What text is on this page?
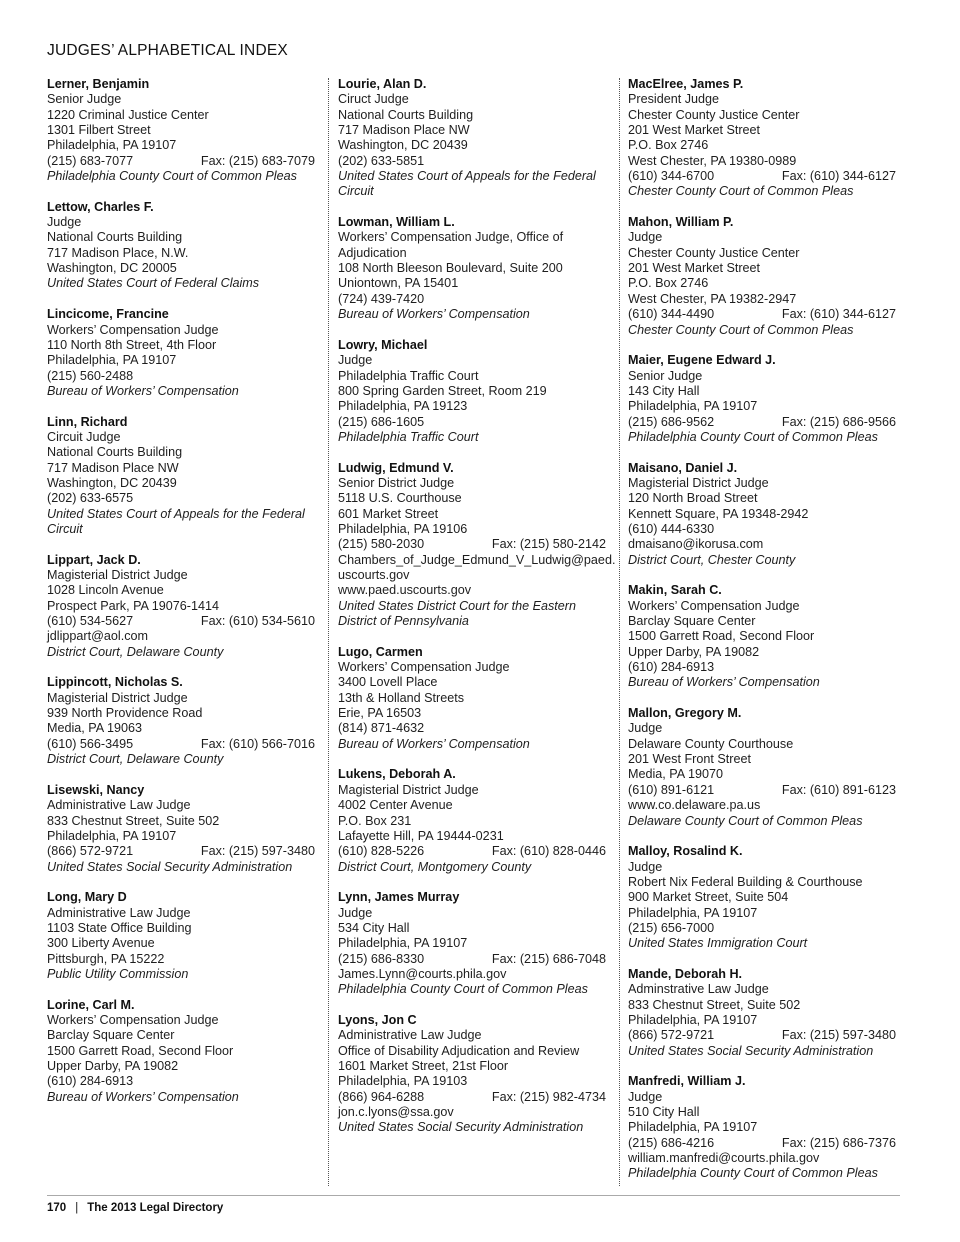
JUDGES’ ALPHABETICAL INDEX
Lerner, Benjamin
Senior Judge
1220 Criminal Justice Center
1301 Filbert Street
Philadelphia, PA 19107
(215) 683-7077	Fax: (215) 683-7079
Philadelphia County Court of Common Pleas
Lettow, Charles F.
Judge
National Courts Building
717 Madison Place, N.W.
Washington, DC 20005
United States Court of Federal Claims
Lincicome, Francine
Workers’ Compensation Judge
110 North 8th Street, 4th Floor
Philadelphia, PA 19107
(215) 560-2488
Bureau of Workers’ Compensation
Linn, Richard
Circuit Judge
National Courts Building
717 Madison Place NW
Washington, DC 20439
(202) 633-6575
United States Court of Appeals for the Federal Circuit
Lippart, Jack D.
Magisterial District Judge
1028 Lincoln Avenue
Prospect Park, PA 19076-1414
(610) 534-5627	Fax: (610) 534-5610
jdlippart@aol.com
District Court, Delaware County
Lippincott, Nicholas S.
Magisterial District Judge
939 North Providence Road
Media, PA 19063
(610) 566-3495	Fax: (610) 566-7016
District Court, Delaware County
Lisewski, Nancy
Administrative Law Judge
833 Chestnut Street, Suite 502
Philadelphia, PA 19107
(866) 572-9721	Fax: (215) 597-3480
United States Social Security Administration
Long, Mary D
Administrative Law Judge
1103 State Office Building
300 Liberty Avenue
Pittsburgh, PA 15222
Public Utility Commission
Lorine, Carl M.
Workers’ Compensation Judge
Barclay Square Center
1500 Garrett Road, Second Floor
Upper Darby, PA 19082
(610) 284-6913
Bureau of Workers’ Compensation
Lourie, Alan D.
Ciruct Judge
National Courts Building
717 Madison Place NW
Washington, DC 20439
(202) 633-5851
United States Court of Appeals for the Federal Circuit
Lowman, William L.
Workers’ Compensation Judge, Office of
Adjudication
108 North Bleeson Boulevard, Suite 200
Uniontown, PA 15401
(724) 439-7420
Bureau of Workers’ Compensation
Lowry, Michael
Judge
Philadelphia Traffic Court
800 Spring Garden Street, Room 219
Philadelphia, PA 19123
(215) 686-1605
Philadelphia Traffic Court
Ludwig, Edmund V.
Senior District Judge
5118 U.S. Courthouse
601 Market Street
Philadelphia, PA 19106
(215) 580-2030	Fax: (215) 580-2142
Chambers_of_Judge_Edmund_V_Ludwig@paed.
uscourts.gov
www.paed.uscourts.gov
United States District Court for the Eastern District of Pennsylvania
Lugo, Carmen
Workers’ Compensation Judge
3400 Lovell Place
13th & Holland Streets
Erie, PA 16503
(814) 871-4632
Bureau of Workers’ Compensation
Lukens, Deborah A.
Magisterial District Judge
4002 Center Avenue
P.O. Box 231
Lafayette Hill, PA 19444-0231
(610) 828-5226	Fax: (610) 828-0446
District Court, Montgomery County
Lynn, James Murray
Judge
534 City Hall
Philadelphia, PA 19107
(215) 686-8330	Fax: (215) 686-7048
James.Lynn@courts.phila.gov
Philadelphia County Court of Common Pleas
Lyons, Jon C
Administrative Law Judge
Office of Disability Adjudication and Review
1601 Market Street, 21st Floor
Philadelphia, PA 19103
(866) 964-6288	Fax: (215) 982-4734
jon.c.lyons@ssa.gov
United States Social Security Administration
MacElree, James P.
President Judge
Chester County Justice Center
201 West Market Street
P.O. Box 2746
West Chester, PA 19380-0989
(610) 344-6700	Fax: (610) 344-6127
Chester County Court of Common Pleas
Mahon, William P.
Judge
Chester County Justice Center
201 West Market Street
P.O. Box 2746
West Chester, PA 19382-2947
(610) 344-4490	Fax: (610) 344-6127
Chester County Court of Common Pleas
Maier, Eugene Edward J.
Senior Judge
143 City Hall
Philadelphia, PA 19107
(215) 686-9562	Fax: (215) 686-9566
Philadelphia County Court of Common Pleas
Maisano, Daniel J.
Magisterial District Judge
120 North Broad Street
Kennett Square, PA 19348-2942
(610) 444-6330
dmaisano@ikorusa.com
District Court, Chester County
Makin, Sarah C.
Workers’ Compensation Judge
Barclay Square Center
1500 Garrett Road, Second Floor
Upper Darby, PA 19082
(610) 284-6913
Bureau of Workers’ Compensation
Mallon, Gregory M.
Judge
Delaware County Courthouse
201 West Front Street
Media, PA 19070
(610) 891-6121	Fax: (610) 891-6123
www.co.delaware.pa.us
Delaware County Court of Common Pleas
Malloy, Rosalind K.
Judge
Robert Nix Federal Building & Courthouse
900 Market Street, Suite 504
Philadelphia, PA 19107
(215) 656-7000
United States Immigration Court
Mande, Deborah H.
Adminstrative Law Judge
833 Chestnut Street, Suite 502
Philadelphia, PA 19107
(866) 572-9721	Fax: (215) 597-3480
United States Social Security Administration
Manfredi, William J.
Judge
510 City Hall
Philadelphia, PA 19107
(215) 686-4216	Fax: (215) 686-7376
william.manfredi@courts.phila.gov
Philadelphia County Court of Common Pleas
170 | The 2013 Legal Directory
